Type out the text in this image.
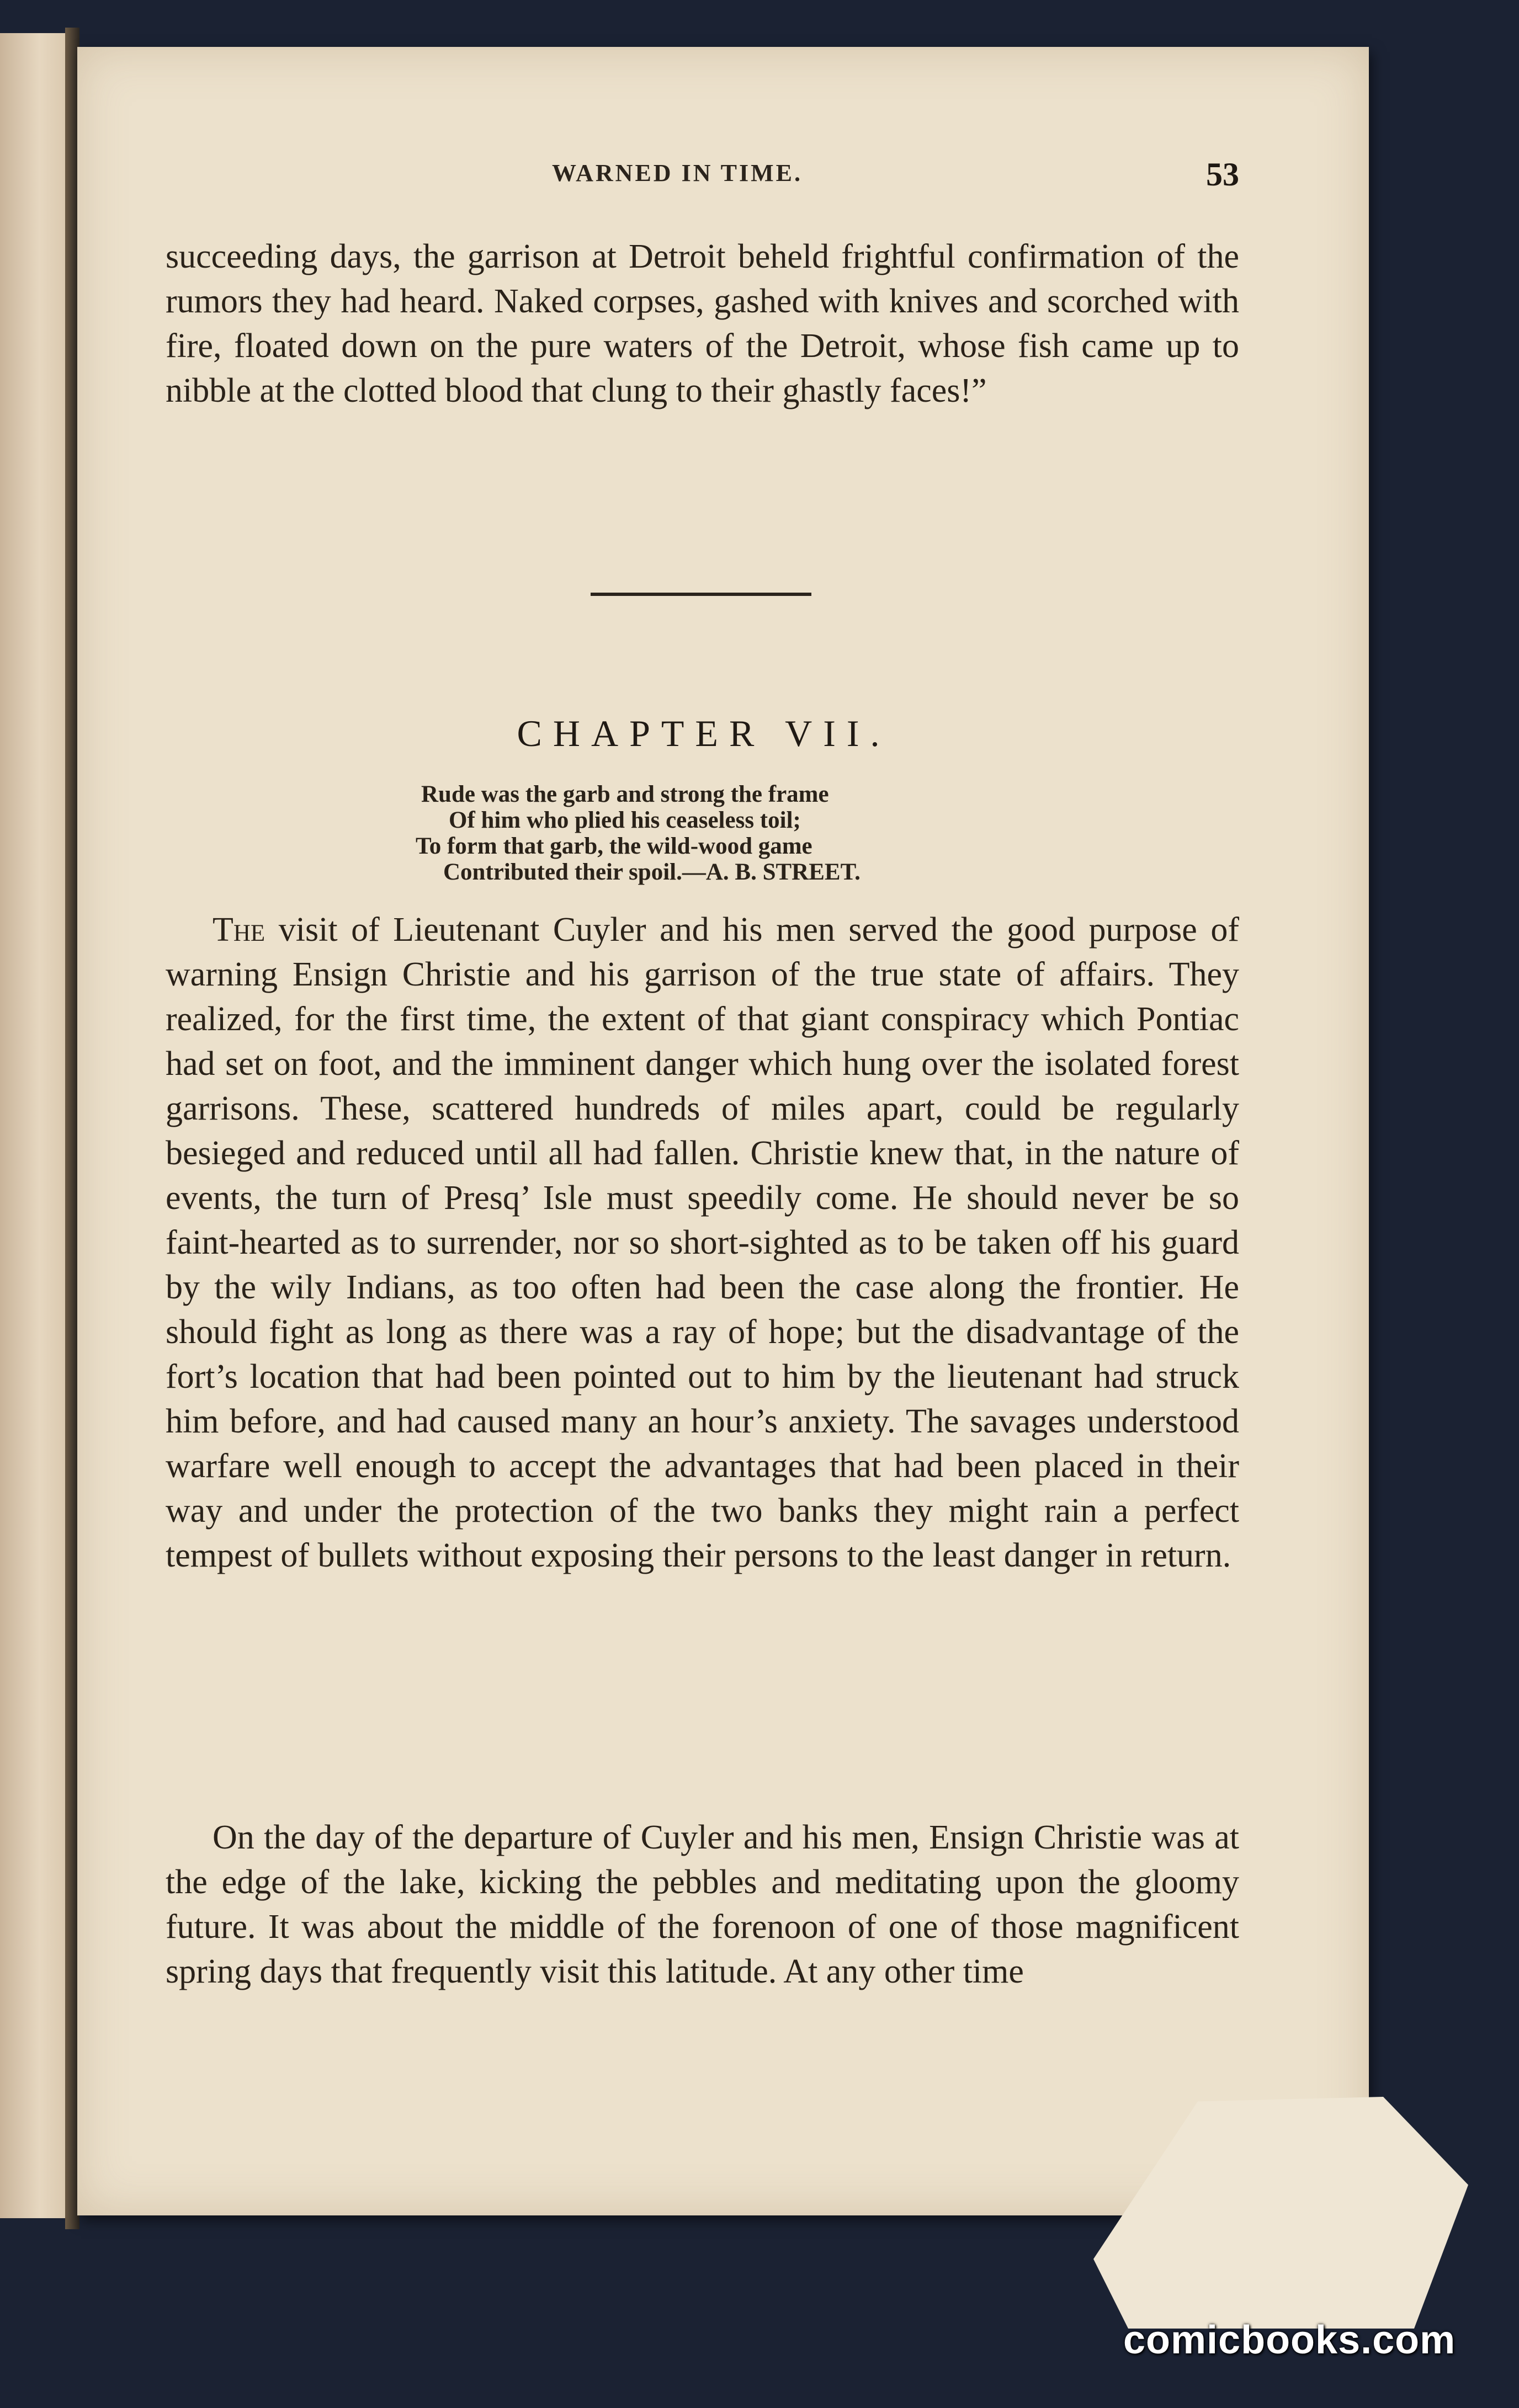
WARNED IN TIME.	53

succeeding days, the garrison at Detroit beheld frightful confirmation of the rumors they had heard. Naked corpses, gashed with knives and scorched with fire, floated down on the pure waters of the Detroit, whose fish came up to nibble at the clotted blood that clung to their ghastly faces!”

CHAPTER VII.
Rude was the garb and strong the frame
Of him who plied his ceaseless toil;
To form that garb, the wild-wood game
Contributed their spoil.—A. B. STREET.

The visit of Lieutenant Cuyler and his men served the good purpose of warning Ensign Christie and his garrison of the true state of affairs. They realized, for the first time, the extent of that giant conspiracy which Pontiac had set on foot, and the imminent danger which hung over the isolated forest garrisons. These, scattered hundreds of miles apart, could be regularly besieged and reduced until all had fallen. Christie knew that, in the nature of events, the turn of Presq’ Isle must speedily come. He should never be so faint-hearted as to surrender, nor so short-sighted as to be taken off his guard by the wily Indians, as too often had been the case along the frontier. He should fight as long as there was a ray of hope; but the disadvantage of the fort’s location that had been pointed out to him by the lieutenant had struck him before, and had caused many an hour’s anxiety. The savages understood warfare well enough to accept the advantages that had been placed in their way and under the protection of the two banks they might rain a perfect tempest of bullets without exposing their persons to the least danger in return.

On the day of the departure of Cuyler and his men, Ensign Christie was at the edge of the lake, kicking the pebbles and meditating upon the gloomy future. It was about the middle of the forenoon of one of those magnificent spring days that frequently visit this latitude. At any other time

comicbooks.com
